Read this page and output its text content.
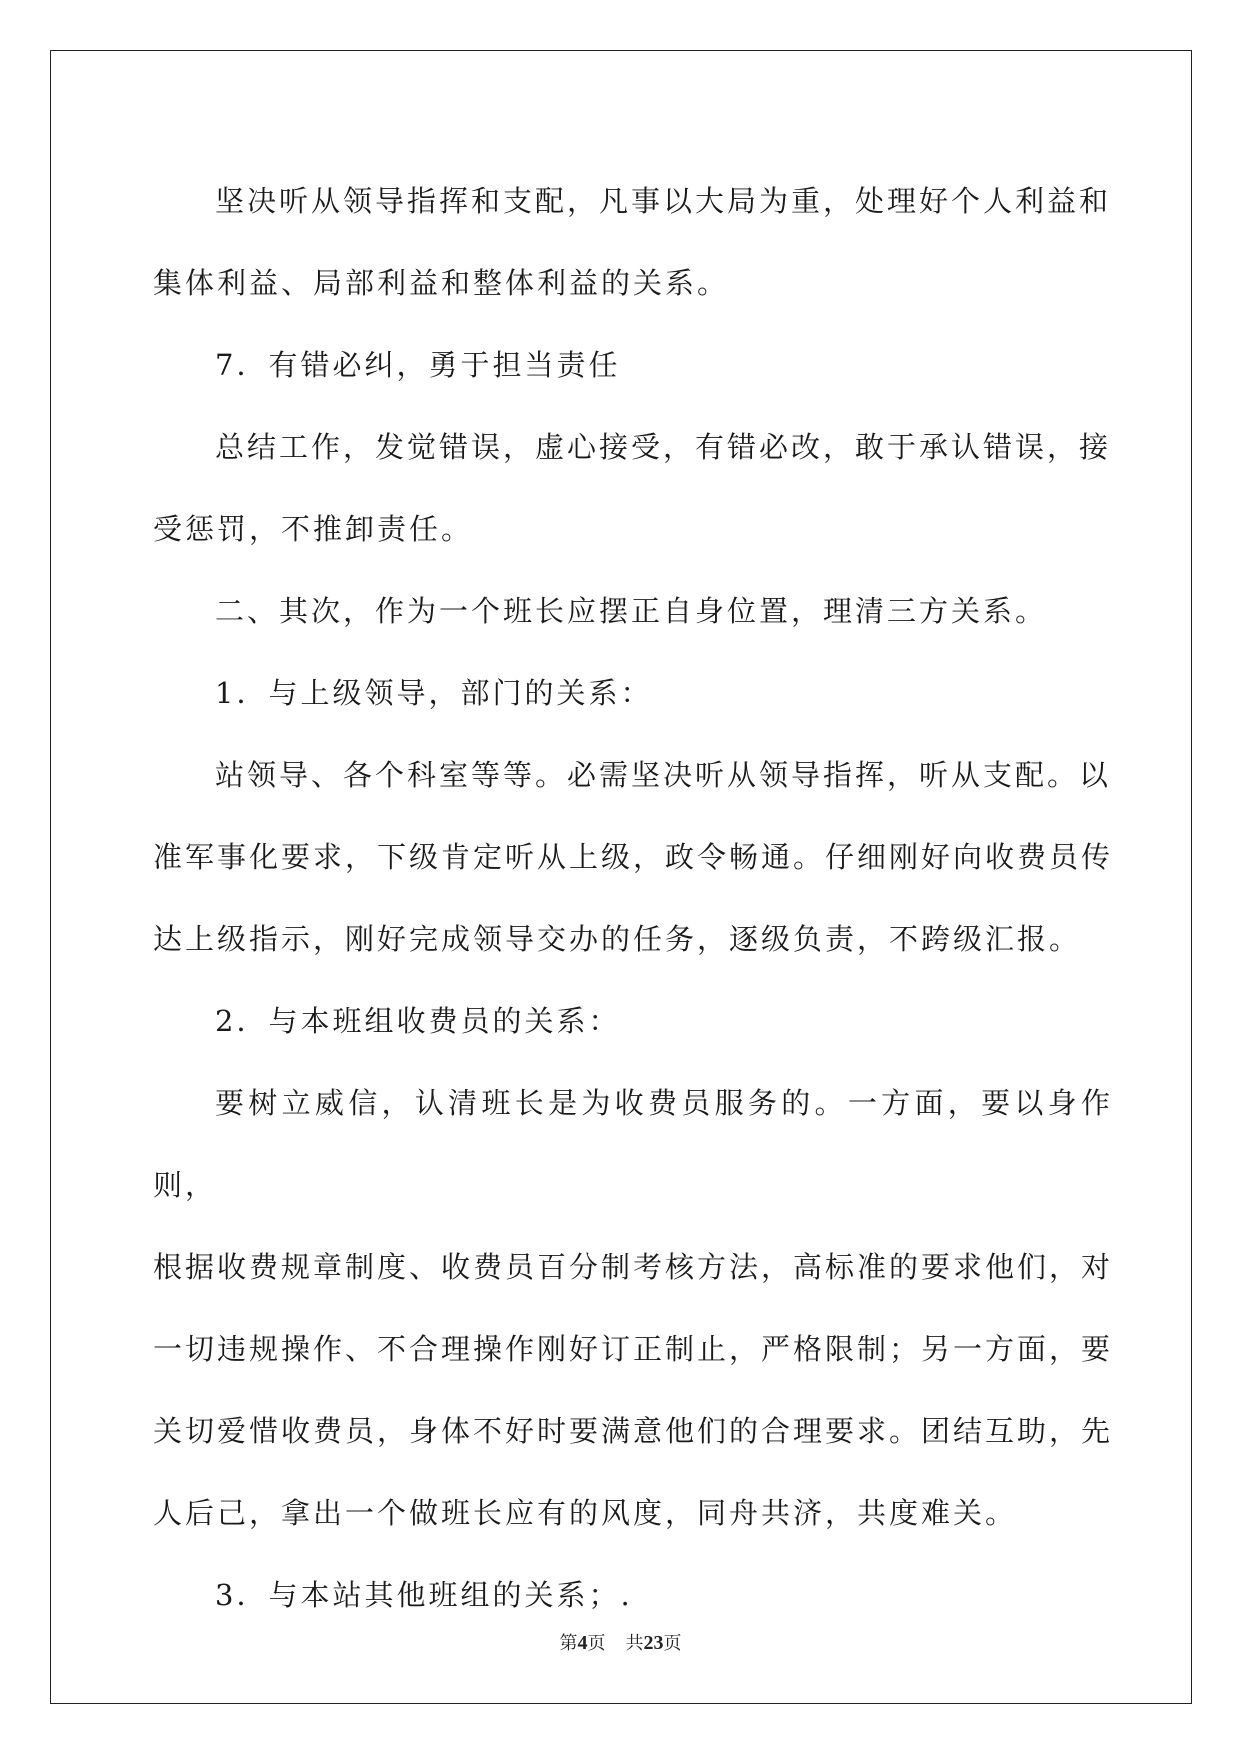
坚决听从领导指挥和支配，凡事以大局为重，处理好个人利益和

集体利益、局部利益和整体利益的关系。

7．有错必纠，勇于担当责任

总结工作，发觉错误，虚心接受，有错必改，敢于承认错误，接

受惩罚，不推卸责任。

二、其次，作为一个班长应摆正自身位置，理清三方关系。

1．与上级领导，部门的关系：

站领导、各个科室等等。必需坚决听从领导指挥，听从支配。以

准军事化要求，下级肯定听从上级，政令畅通。仔细刚好向收费员传

达上级指示，刚好完成领导交办的任务，逐级负责，不跨级汇报。

2．与本班组收费员的关系：

要树立威信，认清班长是为收费员服务的。一方面，要以身作则，

根据收费规章制度、收费员百分制考核方法，高标准的要求他们，对

一切违规操作、不合理操作刚好订正制止，严格限制；另一方面，要

关切爱惜收费员，身体不好时要满意他们的合理要求。团结互助，先

人后己，拿出一个做班长应有的风度，同舟共济，共度难关。

3．与本站其他班组的关系；.

第4页 共23页
